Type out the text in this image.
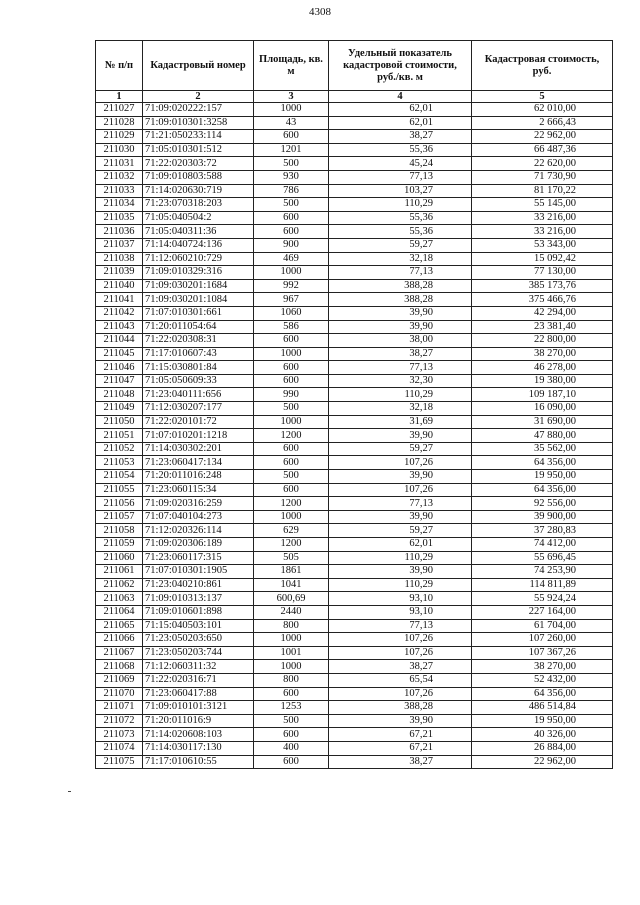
4308
№ п/п	Кадастровый номер	Площадь, кв. м	Удельный показатель кадастровой стоимости, руб./кв. м	Кадастровая стоимость, руб.
1	2	3	4	5
211027	71:09:020222:157	1000	62,01	62 010,00
211028	71:09:010301:3258	43	62,01	2 666,43
211029	71:21:050233:114	600	38,27	22 962,00
211030	71:05:010301:512	1201	55,36	66 487,36
211031	71:22:020303:72	500	45,24	22 620,00
211032	71:09:010803:588	930	77,13	71 730,90
211033	71:14:020630:719	786	103,27	81 170,22
211034	71:23:070318:203	500	110,29	55 145,00
211035	71:05:040504:2	600	55,36	33 216,00
211036	71:05:040311:36	600	55,36	33 216,00
211037	71:14:040724:136	900	59,27	53 343,00
211038	71:12:060210:729	469	32,18	15 092,42
211039	71:09:010329:316	1000	77,13	77 130,00
211040	71:09:030201:1684	992	388,28	385 173,76
211041	71:09:030201:1084	967	388,28	375 466,76
211042	71:07:010301:661	1060	39,90	42 294,00
211043	71:20:011054:64	586	39,90	23 381,40
211044	71:22:020308:31	600	38,00	22 800,00
211045	71:17:010607:43	1000	38,27	38 270,00
211046	71:15:030801:84	600	77,13	46 278,00
211047	71:05:050609:33	600	32,30	19 380,00
211048	71:23:040111:656	990	110,29	109 187,10
211049	71:12:030207:177	500	32,18	16 090,00
211050	71:22:020101:72	1000	31,69	31 690,00
211051	71:07:010201:1218	1200	39,90	47 880,00
211052	71:14:030302:201	600	59,27	35 562,00
211053	71:23:060417:134	600	107,26	64 356,00
211054	71:20:011016:248	500	39,90	19 950,00
211055	71:23:060115:34	600	107,26	64 356,00
211056	71:09:020316:259	1200	77,13	92 556,00
211057	71:07:040104:273	1000	39,90	39 900,00
211058	71:12:020326:114	629	59,27	37 280,83
211059	71:09:020306:189	1200	62,01	74 412,00
211060	71:23:060117:315	505	110,29	55 696,45
211061	71:07:010301:1905	1861	39,90	74 253,90
211062	71:23:040210:861	1041	110,29	114 811,89
211063	71:09:010313:137	600,69	93,10	55 924,24
211064	71:09:010601:898	2440	93,10	227 164,00
211065	71:15:040503:101	800	77,13	61 704,00
211066	71:23:050203:650	1000	107,26	107 260,00
211067	71:23:050203:744	1001	107,26	107 367,26
211068	71:12:060311:32	1000	38,27	38 270,00
211069	71:22:020316:71	800	65,54	52 432,00
211070	71:23:060417:88	600	107,26	64 356,00
211071	71:09:010101:3121	1253	388,28	486 514,84
211072	71:20:011016:9	500	39,90	19 950,00
211073	71:14:020608:103	600	67,21	40 326,00
211074	71:14:030117:130	400	67,21	26 884,00
211075	71:17:010610:55	600	38,27	22 962,00
